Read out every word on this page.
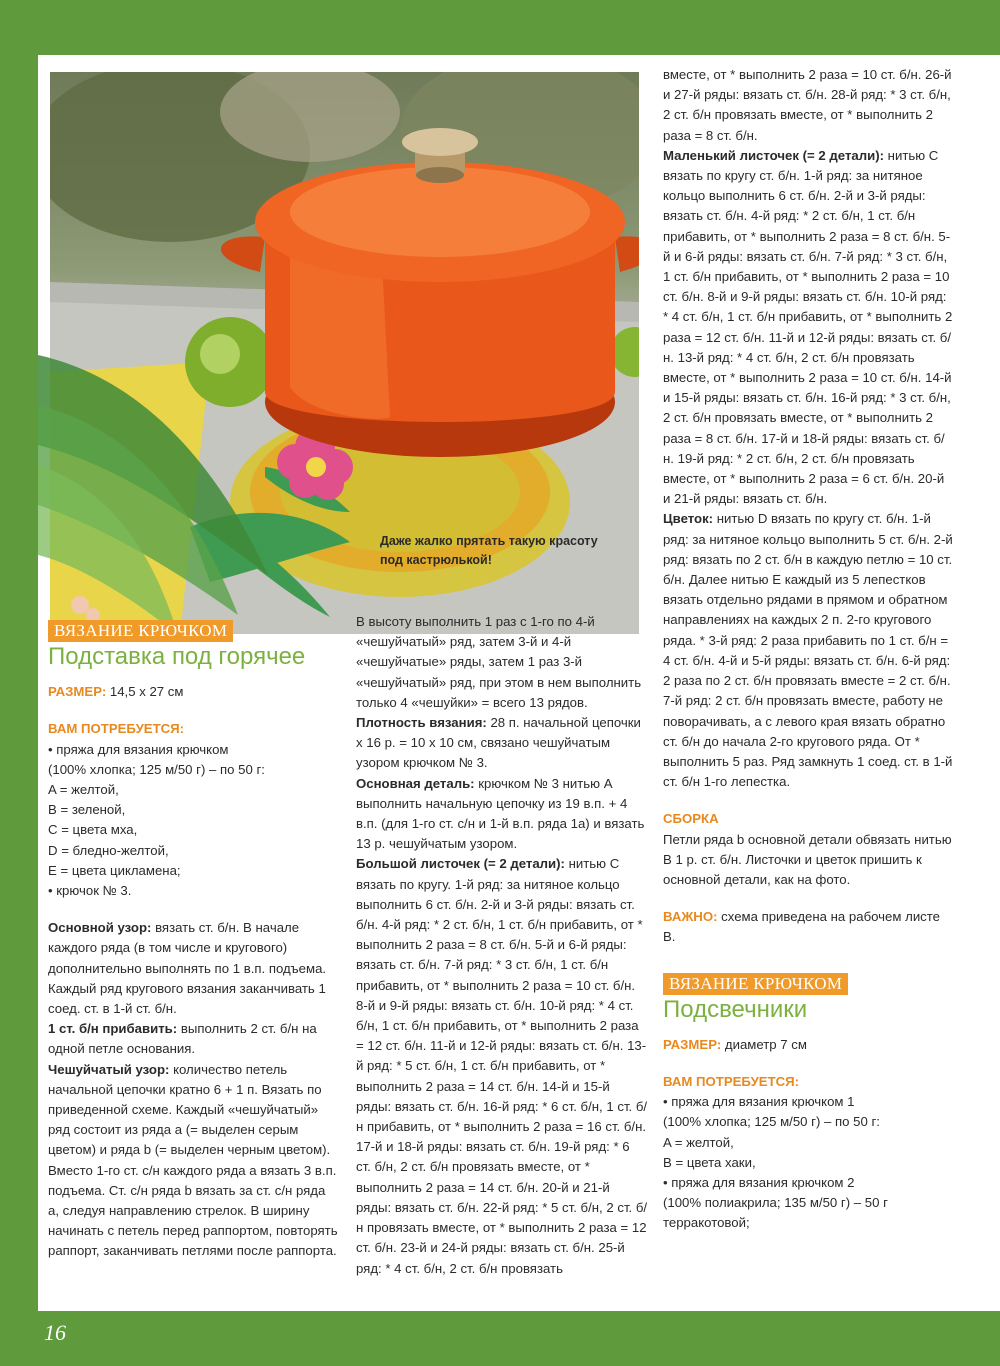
Даже жалко прятать такую красоту
под кастрюлькой!
ВЯЗАНИЕ КРЮЧКОМ
Подставка под горячее

РАЗМЕР: 14,5 х 27 см

ВАМ ПОТРЕБУЕТСЯ:

• пряжа для вязания крючком

(100% хлопка; 125 м/50 г) – по 50 г:

A = желтой,

B = зеленой,

C = цвета мха,

D = бледно-желтой,

E = цвета цикламена;

• крючок № 3.

Основной узор: вязать ст. б/н. В начале каждого ряда (в том числе и кругового) дополнительно выполнять по 1 в.п. подъема. Каждый ряд кругового вязания заканчивать 1 соед. ст. в 1-й ст. б/н.

1 ст. б/н прибавить: выполнить 2 ст. б/н на одной петле основания.

Чешуйчатый узор: количество петель начальной цепочки кратно 6 + 1 п. Вязать по приведенной схеме. Каждый «чешуйчатый» ряд состоит из ряда a (= выделен серым цветом) и ряда b (= выделен черным цветом). Вместо 1-го ст. с/н каждого ряда a вязать 3 в.п. подъема. Ст. с/н ряда b вязать за ст. с/н ряда a, следуя направлению стрелок. В ширину начинать с петель перед раппортом, повторять раппорт, заканчивать петлями после раппорта.

В высоту выполнить 1 раз с 1-го по 4-й «чешуйчатый» ряд, затем 3-й и 4-й «чешуйчатые» ряды, затем 1 раз 3-й «чешуйчатый» ряд, при этом в нем выполнить только 4 «чешуйки» = всего 13 рядов.

Плотность вязания: 28 п. начальной цепочки х 16 р. = 10 х 10 см, связано чешуйчатым узором крючком № 3.

Основная деталь: крючком № 3 нитью A выполнить начальную цепочку из 19 в.п. + 4 в.п. (для 1-го ст. с/н и 1-й в.п. ряда 1a) и вязать 13 р. чешуйчатым узором.

Большой листочек (= 2 детали): нитью C вязать по кругу. 1-й ряд: за нитяное кольцо выполнить 6 ст. б/н. 2-й и 3-й ряды: вязать ст. б/н. 4-й ряд: * 2 ст. б/н, 1 ст. б/н прибавить, от * выполнить 2 раза = 8 ст. б/н. 5-й и 6-й ряды: вязать ст. б/н. 7-й ряд: * 3 ст. б/н, 1 ст. б/н прибавить, от * выполнить 2 раза = 10 ст. б/н. 8-й и 9-й ряды: вязать ст. б/н. 10-й ряд: * 4 ст. б/н, 1 ст. б/н прибавить, от * выполнить 2 раза = 12 ст. б/н. 11-й и 12-й ряды: вязать ст. б/н. 13-й ряд: * 5 ст. б/н, 1 ст. б/н прибавить, от * выполнить 2 раза = 14 ст. б/н. 14-й и 15-й ряды: вязать ст. б/н. 16-й ряд: * 6 ст. б/н, 1 ст. б/н прибавить, от * выполнить 2 раза = 16 ст. б/н. 17-й и 18-й ряды: вязать ст. б/н. 19-й ряд: * 6 ст. б/н, 2 ст. б/н провязать вместе, от * выполнить 2 раза = 14 ст. б/н. 20-й и 21-й ряды: вязать ст. б/н. 22-й ряд: * 5 ст. б/н, 2 ст. б/н провязать вместе, от * выполнить 2 раза = 12 ст. б/н. 23-й и 24-й ряды: вязать ст. б/н. 25-й ряд: * 4 ст. б/н, 2 ст. б/н провязать

вместе, от * выполнить 2 раза = 10 ст. б/н. 26-й и 27-й ряды: вязать ст. б/н. 28-й ряд: * 3 ст. б/н, 2 ст. б/н провязать вместе, от * выполнить 2 раза = 8 ст. б/н.

Маленький листочек (= 2 детали): нитью C вязать по кругу ст. б/н. 1-й ряд: за нитяное кольцо выполнить 6 ст. б/н. 2-й и 3-й ряды: вязать ст. б/н. 4-й ряд: * 2 ст. б/н, 1 ст. б/н прибавить, от * выполнить 2 раза = 8 ст. б/н. 5-й и 6-й ряды: вязать ст. б/н. 7-й ряд: * 3 ст. б/н, 1 ст. б/н прибавить, от * выполнить 2 раза = 10 ст. б/н. 8-й и 9-й ряды: вязать ст. б/н. 10-й ряд: * 4 ст. б/н, 1 ст. б/н прибавить, от * выполнить 2 раза = 12 ст. б/н. 11-й и 12-й ряды: вязать ст. б/н. 13-й ряд: * 4 ст. б/н, 2 ст. б/н провязать вместе, от * выполнить 2 раза = 10 ст. б/н. 14-й и 15-й ряды: вязать ст. б/н. 16-й ряд: * 3 ст. б/н, 2 ст. б/н провязать вместе, от * выполнить 2 раза = 8 ст. б/н. 17-й и 18-й ряды: вязать ст. б/н. 19-й ряд: * 2 ст. б/н, 2 ст. б/н провязать вместе, от * выполнить 2 раза = 6 ст. б/н. 20-й и 21-й ряды: вязать ст. б/н.

Цветок: нитью D вязать по кругу ст. б/н. 1-й ряд: за нитяное кольцо выполнить 5 ст. б/н. 2-й ряд: вязать по 2 ст. б/н в каждую петлю = 10 ст. б/н. Далее нитью E каждый из 5 лепестков вязать отдельно рядами в прямом и обратном направлениях на каждых 2 п. 2-го кругового ряда. * 3-й ряд: 2 раза прибавить по 1 ст. б/н = 4 ст. б/н. 4-й и 5-й ряды: вязать ст. б/н. 6-й ряд: 2 раза по 2 ст. б/н провязать вместе = 2 ст. б/н. 7-й ряд: 2 ст. б/н провязать вместе, работу не поворачивать, а с левого края вязать обратно ст. б/н до начала 2-го кругового ряда. От * выполнить 5 раз. Ряд замкнуть 1 соед. ст. в 1-й ст. б/н 1-го лепестка.

СБОРКА

Петли ряда b основной детали обвязать нитью B 1 р. ст. б/н. Листочки и цветок пришить к основной детали, как на фото.

ВАЖНО: схема приведена на рабочем листе B.

ВЯЗАНИЕ КРЮЧКОМ
Подсвечники

РАЗМЕР: диаметр 7 см

ВАМ ПОТРЕБУЕТСЯ:

• пряжа для вязания крючком 1

(100% хлопка; 125 м/50 г) – по 50 г:

A = желтой,

B = цвета хаки,

• пряжа для вязания крючком 2

(100% полиакрила; 135 м/50 г) – 50 г

терракотовой;

16
